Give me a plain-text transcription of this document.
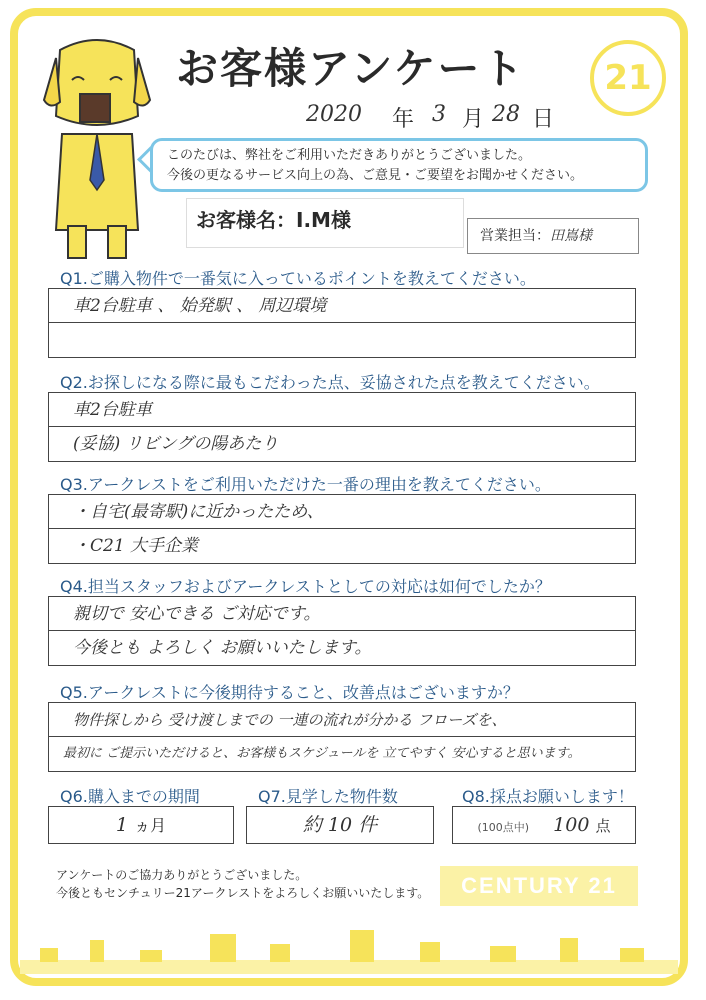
お客様アンケート	21
2020 年 3 月 28 日
このたびは、弊社をご利用いただきありがとうございました。
今後の更なるサービス向上の為、ご意見・ご要望をお聞かせください。
お客様名：I.M様
営業担当：田嶌様
Q1.ご購入物件で一番気に入っているポイントを教えてください。
車2台駐車 、 始発駅 、 周辺環境
Q2.お探しになる際に最もこだわった点、妥協された点を教えてください。
車2台駐車
(妥協) リビングの陽あたり
Q3.アークレストをご利用いただけた一番の理由を教えてください。
・自宅(最寄駅)に近かったため、
・C21 大手企業
Q4.担当スタッフおよびアークレストとしての対応は如何でしたか？
親切で 安心できる ご対応です。
今後とも よろしく お願いいたします。
Q5.アークレストに今後期待すること、改善点はございますか？
物件探しから 受け渡しまでの 一連の流れが分かる フローズを、
最初に ご提示いただけると、お客様もスケジュールを 立てやすく 安心すると思います。
Q6.購入までの期間
1 ヵ月
Q7.見学した物件数
約 10 件
Q8.採点お願いします！
(100点中) 100 点
アンケートのご協力ありがとうございました。
今後ともセンチュリー21アークレストをよろしくお願いいたします。	CENTURY 21
